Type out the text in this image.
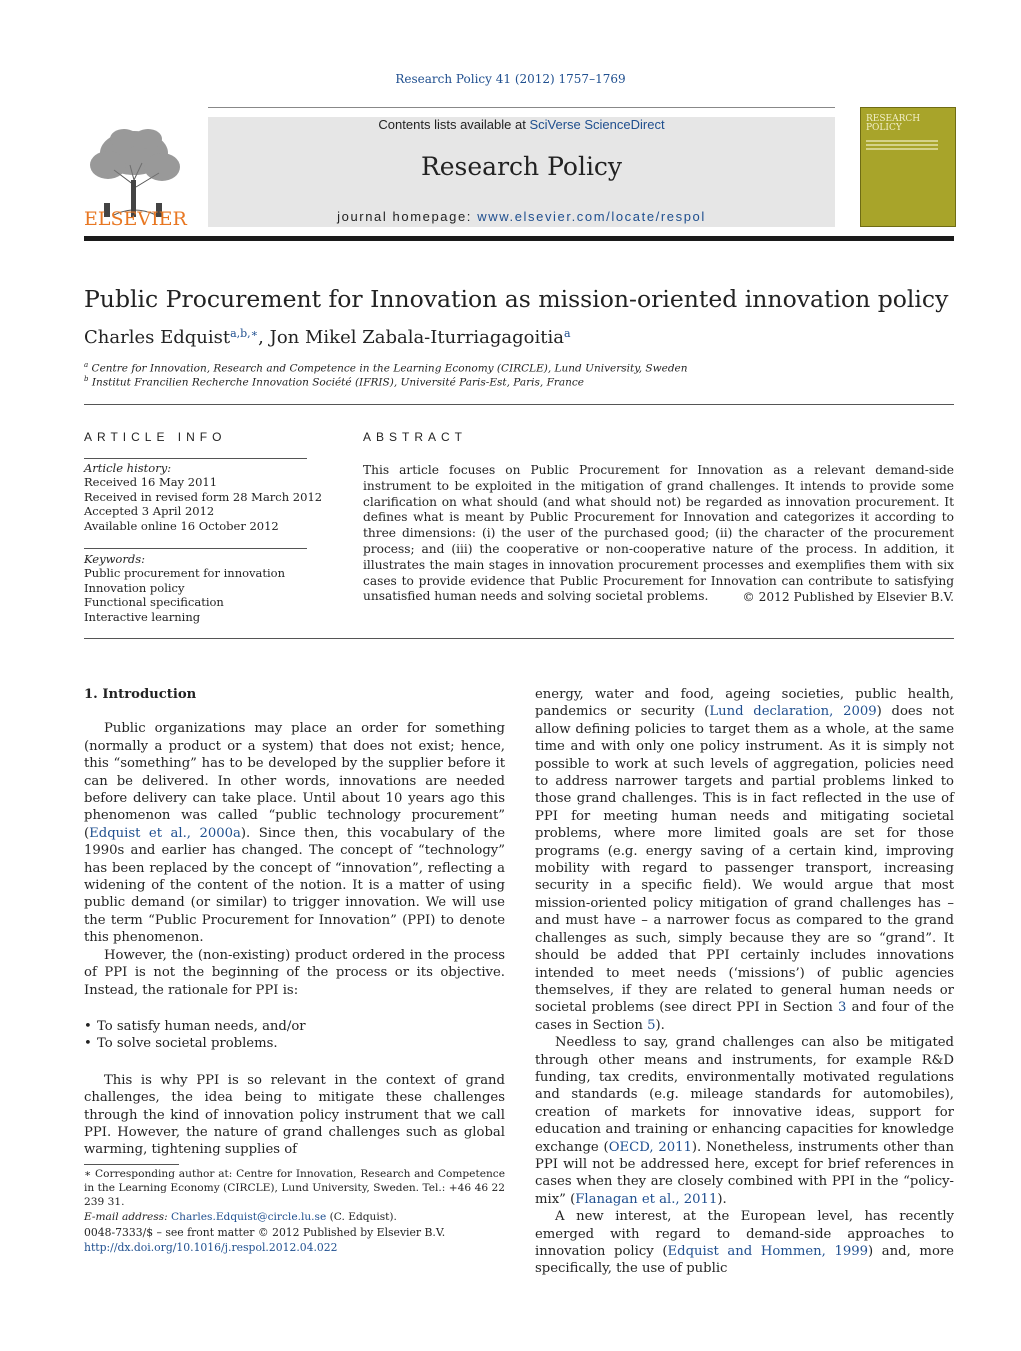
Research Policy 41 (2012) 1757–1769
Contents lists available at SciVerse ScienceDirect
Research Policy
journal homepage: www.elsevier.com/locate/respol
ELSEVIER
RESEARCH POLICY
Public Procurement for Innovation as mission-oriented innovation policy
Charles Edquist$^{a,b,∗}$, Jon Mikel Zabala-Iturriagagoitia$^a$
$^a$ Centre for Innovation, Research and Competence in the Learning Economy (CIRCLE), Lund University, Sweden
$^b$ Institut Francilien Recherche Innovation Société (IFRIS), Université Paris-Est, Paris, France
ARTICLE INFO
Article history:
Received 16 May 2011
Received in revised form 28 March 2012
Accepted 3 April 2012
Available online 16 October 2012
Keywords:
Public procurement for innovation
Innovation policy
Functional specification
Interactive learning
ABSTRACT
This article focuses on Public Procurement for Innovation as a relevant demand-side instrument to be exploited in the mitigation of grand challenges. It intends to provide some clarification on what should (and what should not) be regarded as innovation procurement. It defines what is meant by Public Procurement for Innovation and categorizes it according to three dimensions: (i) the user of the purchased good; (ii) the character of the procurement process; and (iii) the cooperative or non-cooperative nature of the process. In addition, it illustrates the main stages in innovation procurement processes and exemplifies them with six cases to provide evidence that Public Procurement for Innovation can contribute to satisfying unsatisfied human needs and solving societal problems.	© 2012 Published by Elsevier B.V.

1. Introduction

Public organizations may place an order for something (normally a product or a system) that does not exist; hence, this “something” has to be developed by the supplier before it can be delivered. In other words, innovations are needed before delivery can take place. Until about 10 years ago this phenomenon was called “public technology procurement” (Edquist et al., 2000a). Since then, this vocabulary of the 1990s and earlier has changed. The concept of “technology” has been replaced by the concept of “innovation”, reflecting a widening of the content of the notion. It is a matter of using public demand (or similar) to trigger innovation. We will use the term “Public Procurement for Innovation” (PPI) to denote this phenomenon.

However, the (non-existing) product ordered in the process of PPI is not the beginning of the process or its objective. Instead, the rationale for PPI is:

• To satisfy human needs, and/or
• To solve societal problems.

This is why PPI is so relevant in the context of grand challenges, the idea being to mitigate these challenges through the kind of innovation policy instrument that we call PPI. However, the nature of grand challenges such as global warming, tightening supplies of

energy, water and food, ageing societies, public health, pandemics or security (Lund declaration, 2009) does not allow defining policies to target them as a whole, at the same time and with only one policy instrument. As it is simply not possible to work at such levels of aggregation, policies need to address narrower targets and partial problems linked to those grand challenges. This is in fact reflected in the use of PPI for meeting human needs and mitigating societal problems, where more limited goals are set for those programs (e.g. energy saving of a certain kind, improving mobility with regard to passenger transport, increasing security in a specific field). We would argue that most mission-oriented policy mitigation of grand challenges has – and must have – a narrower focus as compared to the grand challenges as such, simply because they are so “grand”. It should be added that PPI certainly includes innovations intended to meet needs (‘missions’) of public agencies themselves, if they are related to general human needs or societal problems (see direct PPI in Section 3 and four of the cases in Section 5).

Needless to say, grand challenges can also be mitigated through other means and instruments, for example R&D funding, tax credits, environmentally motivated regulations and standards (e.g. mileage standards for automobiles), creation of markets for innovative ideas, support for education and training or enhancing capacities for knowledge exchange (OECD, 2011). Nonetheless, instruments other than PPI will not be addressed here, except for brief references in cases when they are closely combined with PPI in the “policy-mix” (Flanagan et al., 2011).

A new interest, at the European level, has recently emerged with regard to demand-side approaches to innovation policy (Edquist and Hommen, 1999) and, more specifically, the use of public

∗ Corresponding author at: Centre for Innovation, Research and Competence in the Learning Economy (CIRCLE), Lund University, Sweden. Tel.: +46 46 22 239 31.
E-mail address: Charles.Edquist@circle.lu.se (C. Edquist).
0048-7333/$ – see front matter © 2012 Published by Elsevier B.V.
http://dx.doi.org/10.1016/j.respol.2012.04.022
